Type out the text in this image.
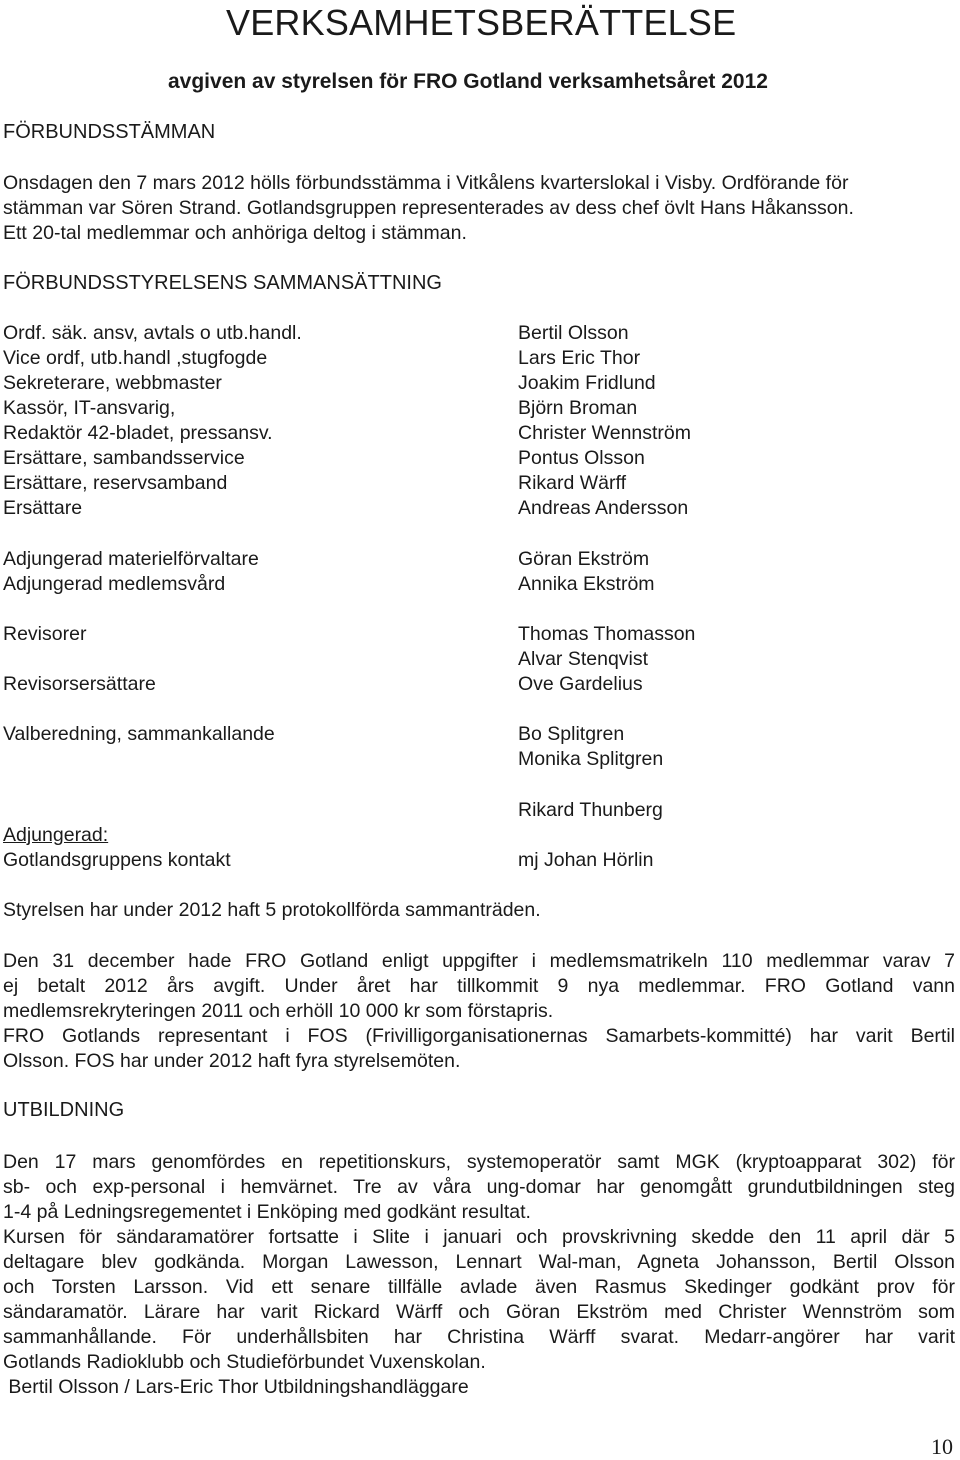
VERKSAMHETSBERÄTTELSE
avgiven av styrelsen för FRO Gotland verksamhetsåret 2012
FÖRBUNDSSTÄMMAN
Onsdagen den 7 mars 2012 hölls förbundsstämma i Vitkålens kvarterslokal i Visby. Ordförande för
stämman var Sören Strand. Gotlandsgruppen representerades av dess chef övlt Hans Håkansson.
Ett 20-tal medlemmar och anhöriga deltog i stämman.
FÖRBUNDSSTYRELSENS SAMMANSÄTTNING
Ordf. säk. ansv, avtals o utb.handl.
Vice ordf, utb.handl ,stugfogde
Sekreterare, webbmaster
Kassör, IT-ansvarig,
Redaktör 42-bladet, pressansv.
Ersättare, sambandsservice
Ersättare, reservsamband
Ersättare
Adjungerad materielförvaltare
Adjungerad medlemsvård
Revisorer
Revisorsersättare
Valberedning, sammankallande
Adjungerad:
Gotlandsgruppens kontakt
Bertil Olsson
Lars Eric Thor
Joakim Fridlund
Björn Broman
Christer Wennström
Pontus Olsson
Rikard Wärff
Andreas Andersson
Göran Ekström
Annika Ekström
Thomas Thomasson
Alvar Stenqvist
Ove Gardelius
Bo Splitgren
Monika Splitgren
Rikard Thunberg
mj Johan Hörlin
Styrelsen har under 2012 haft 5 protokollförda sammanträden.
Den 31 december hade FRO Gotland enligt uppgifter i medlemsmatrikeln 110 medlemmar varav 7
ej betalt 2012 års avgift. Under året har tillkommit 9 nya medlemmar. FRO Gotland vann
medlemsrekryteringen 2011 och erhöll 10 000 kr som förstapris.
FRO Gotlands representant i FOS (Frivilligorganisationernas Samarbets-kommitté) har varit Bertil
Olsson. FOS har under 2012 haft fyra styrelsemöten.
UTBILDNING
Den 17 mars genomfördes en repetitionskurs, systemoperatör samt MGK (kryptoapparat 302) för
sb- och exp-personal i hemvärnet. Tre av våra ung-domar har genomgått grundutbildningen steg
1-4 på Ledningsregementet i Enköping med godkänt resultat.
Kursen för sändaramatörer fortsatte i Slite i januari och provskrivning skedde den 11 april där 5
deltagare blev godkända. Morgan Lawesson, Lennart Wal-man, Agneta Johansson, Bertil Olsson
och Torsten Larsson. Vid ett senare tillfälle avlade även Rasmus Skedinger godkänt prov för
sändaramatör. Lärare har varit Rickard Wärff och Göran Ekström med Christer Wennström som
sammanhållande. För underhållsbiten har Christina Wärff svarat. Medarr-angörer har varit
Gotlands Radioklubb och Studieförbundet Vuxenskolan.
Bertil Olsson / Lars-Eric Thor Utbildningshandläggare
10
